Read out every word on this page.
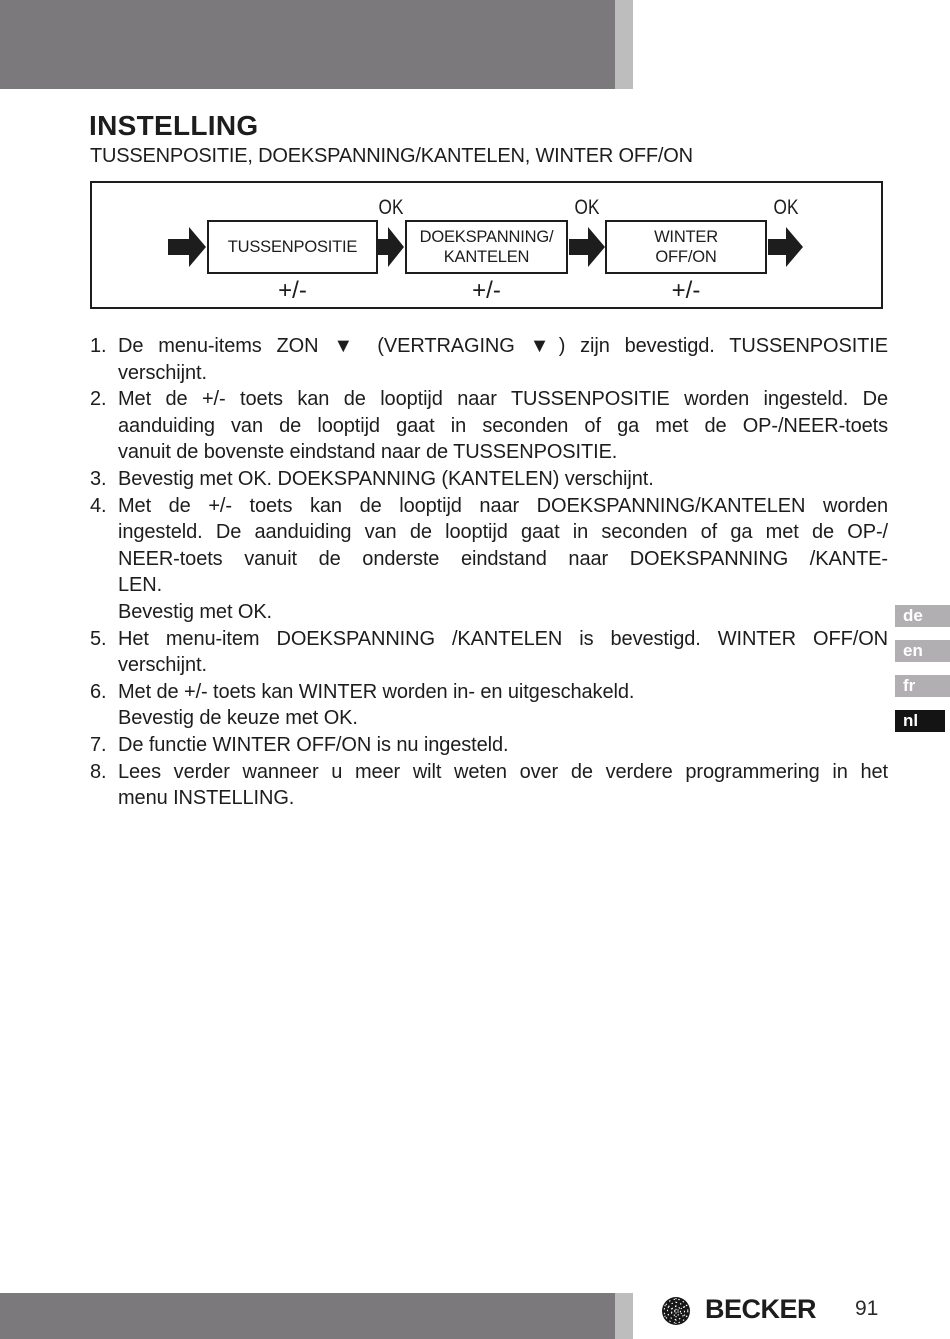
INSTELLING
TUSSENPOSITIE, DOEKSPANNING/KANTELEN, WINTER OFF/ON
TUSSENPOSITIE
OK
DOEKSPANNING/
KANTELEN
OK
WINTER
OFF/ON
OK
+/-	+/-	+/-
1. De menu-items ZON ▼ (VERTRAGING ▼) zijn bevestigd. TUSSENPOSITIE
verschijnt.
2. Met de +/- toets kan de looptijd naar TUSSENPOSITIE worden ingesteld. De
aanduiding van de looptijd gaat in seconden of ga met de OP-/NEER-toets
vanuit de bovenste eindstand naar de TUSSENPOSITIE.
3. Bevestig met OK. DOEKSPANNING (KANTELEN) verschijnt.
4. Met de +/- toets kan de looptijd naar DOEKSPANNING/KANTELEN worden
ingesteld. De aanduiding van de looptijd gaat in seconden of ga met de OP-/
NEER-toets vanuit de onderste eindstand naar DOEKSPANNING /KANTE-
LEN.
Bevestig met OK.
5. Het menu-item DOEKSPANNING /KANTELEN is bevestigd. WINTER OFF/ON
verschijnt.
6. Met de +/- toets kan WINTER worden in- en uitgeschakeld.
Bevestig de keuze met OK.
7. De functie WINTER OFF/ON is nu ingesteld.
8. Lees verder wanneer u meer wilt weten over de verdere programmering in het
menu INSTELLING.
de
en
fr
nl
BECKER 91
